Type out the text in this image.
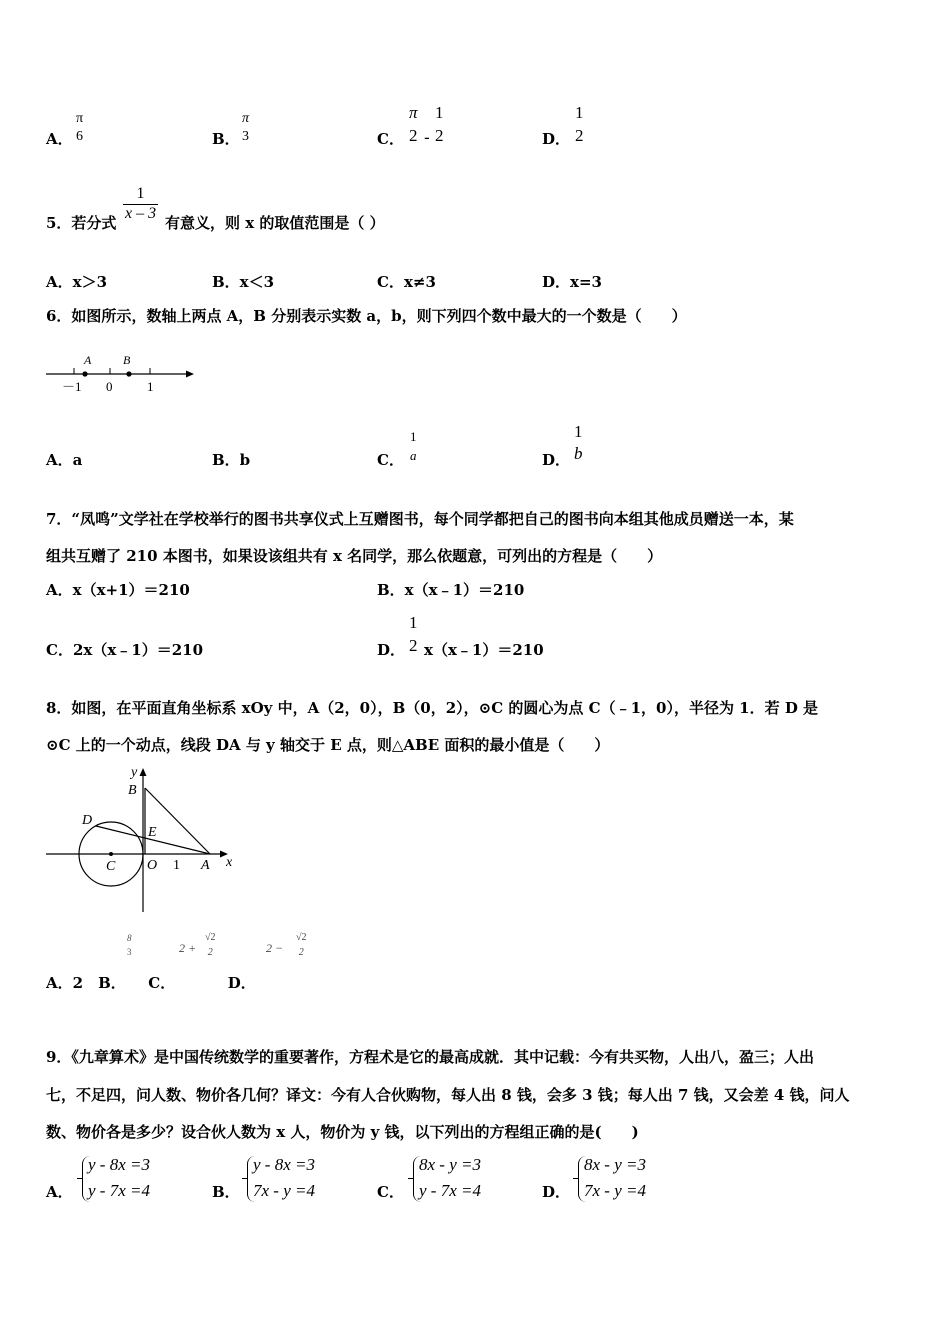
A．
π
6	B．
π
3	C．
π
2 -
1
2	D．
1
2
5．若分式
$\frac{1}{x - 3}$
有意义，则 x 的取值范围是（ ）
A．x＞3	B．x＜3	C．x≠3	D．x=3
6．如图所示，数轴上两点 A，B 分别表示实数 a，b，则下列四个数中最大的一个数是（　　）
A	B
－1 0	1
A．a	B．b	C．
1
a	D．
1
b
7．“凤鸣”文学社在学校举行的图书共享仪式上互赠图书，每个同学都把自己的图书向本组其他成员赠送一本，某
组共互赠了 210 本图书，如果设该组共有 x 名同学，那么依题意，可列出的方程是（　　）
A．x（x+1）＝210	B．x（x﹣1）＝210
C．2x（x﹣1）＝210	D．
1
2 x（x﹣1）＝210
8．如图，在平面直角坐标系 xOy 中，A（2，0），B（0，2），⊙C 的圆心为点 C（﹣1，0），半径为 1．若 D 是
⊙C 上的一个动点，线段 DA 与 y 轴交于 E 点，则△ABE 面积的最小值是（　　）
y
x
B
D
E
C O 1 A
8
3	2 +
√2
2	2 −
√2
2
A．2　B．　　C．　　　　D．
9．《九章算术》是中国传统数学的重要著作，方程术是它的最高成就．其中记载：今有共买物，人出八，盈三；人出
七，不足四，问人数、物价各几何？译文：今有人合伙购物，每人出 8 钱，会多 3 钱；每人出 7 钱，又会差 4 钱，问人
数、物价各是多少？设合伙人数为 x 人，物价为 y 钱，以下列出的方程组正确的是(　　)
A．
y - 8x =3
y - 7x =4	B．
y - 8x =3
7x - y =4	C．
8x - y =3
y - 7x =4	D．
8x - y =3
7x - y =4
